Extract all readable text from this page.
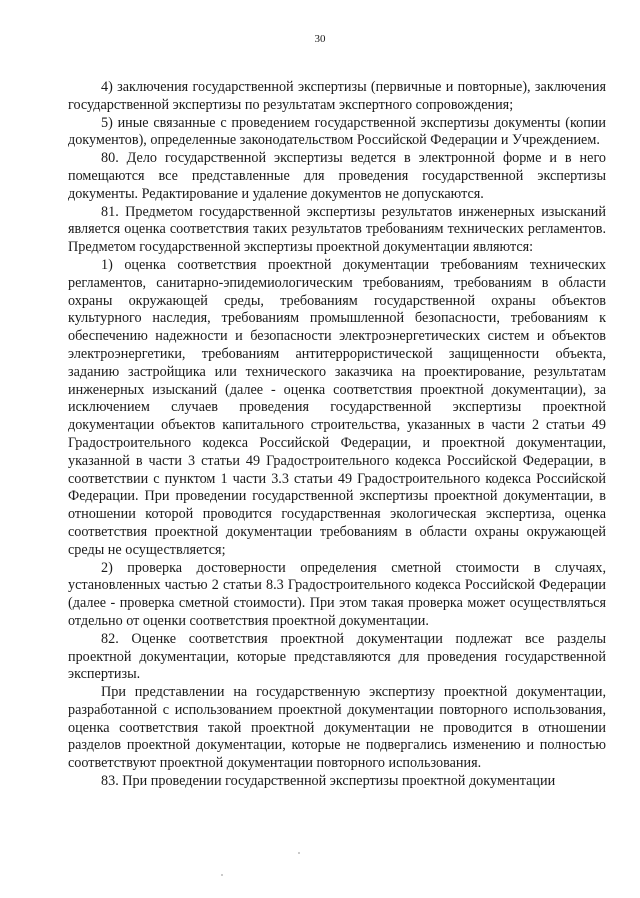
30

4) заключения государственной экспертизы (первичные и повторные), заключения государственной экспертизы по результатам экспертного сопровождения;

5) иные связанные с проведением государственной экспертизы документы (копии документов), определенные законодательством Российской Федерации и Учреждением.

80. Дело государственной экспертизы ведется в электронной форме и в него помещаются все представленные для проведения государственной экспертизы документы. Редактирование и удаление документов не допускаются.

81. Предметом государственной экспертизы результатов инженерных изысканий является оценка соответствия таких результатов требованиям технических регламентов. Предметом государственной экспертизы проектной документации являются:

1) оценка соответствия проектной документации требованиям технических регламентов, санитарно-эпидемиологическим требованиям, требованиям в области охраны окружающей среды, требованиям государственной охраны объектов культурного наследия, требованиям промышленной безопасности, требованиям к обеспечению надежности и безопасности электроэнергетических систем и объектов электроэнергетики, требованиям антитеррористической защищенности объекта, заданию застройщика или технического заказчика на проектирование, результатам инженерных изысканий (далее - оценка соответствия проектной документации), за исключением случаев проведения государственной экспертизы проектной документации объектов капитального строительства, указанных в части 2 статьи 49 Градостроительного кодекса Российской Федерации, и проектной документации, указанной в части 3 статьи 49 Градостроительного кодекса Российской Федерации, в соответствии с пунктом 1 части 3.3 статьи 49 Градостроительного кодекса Российской Федерации. При проведении государственной экспертизы проектной документации, в отношении которой проводится государственная экологическая экспертиза, оценка соответствия проектной документации требованиям в области охраны окружающей среды не осуществляется;

2) проверка достоверности определения сметной стоимости в случаях, установленных частью 2 статьи 8.3 Градостроительного кодекса Российской Федерации (далее - проверка сметной стоимости). При этом такая проверка может осуществляться отдельно от оценки соответствия проектной документации.

82. Оценке соответствия проектной документации подлежат все разделы проектной документации, которые представляются для проведения государственной экспертизы.

При представлении на государственную экспертизу проектной документации, разработанной с использованием проектной документации повторного использования, оценка соответствия такой проектной документации не проводится в отношении разделов проектной документации, которые не подвергались изменению и полностью соответствуют проектной документации повторного использования.

83. При проведении государственной экспертизы проектной документации
